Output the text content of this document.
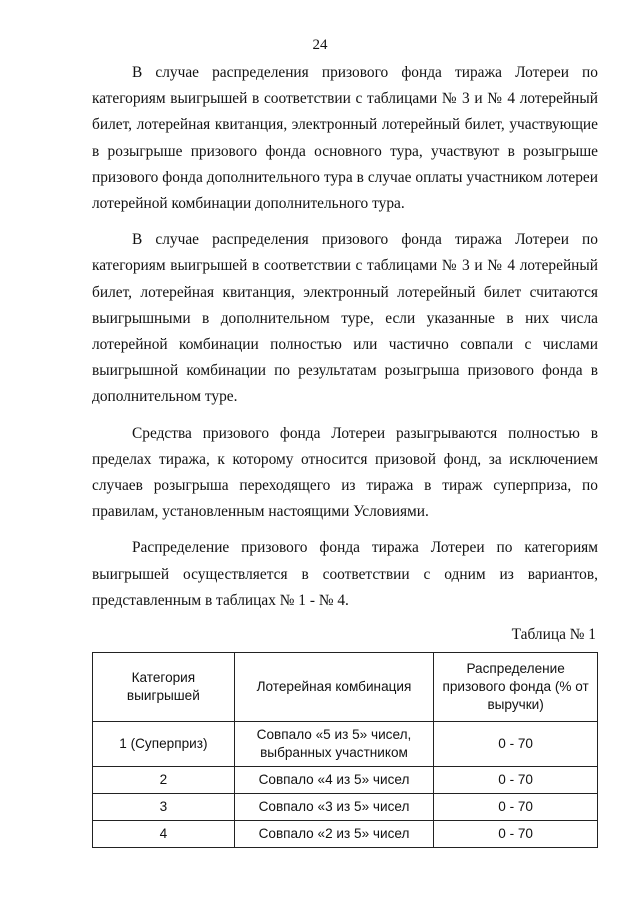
24

В случае распределения призового фонда тиража Лотереи по категориям выигрышей в соответствии с таблицами № 3 и № 4 лотерейный билет, лотерейная квитанция, электронный лотерейный билет, участвующие в розыгрыше призового фонда основного тура, участвуют в розыгрыше призового фонда дополнительного тура в случае оплаты участником лотереи лотерейной комбинации дополнительного тура.

В случае распределения призового фонда тиража Лотереи по категориям выигрышей в соответствии с таблицами № 3 и № 4 лотерейный билет, лотерейная квитанция, электронный лотерейный билет считаются выигрышными в дополнительном туре, если указанные в них числа лотерейной комбинации полностью или частично совпали с числами выигрышной комбинации по результатам розыгрыша призового фонда в дополнительном туре.

Средства призового фонда Лотереи разыгрываются полностью в пределах тиража, к которому относится призовой фонд, за исключением случаев розыгрыша переходящего из тиража в тираж суперприза, по правилам, установленным настоящими Условиями.

Распределение призового фонда тиража Лотереи по категориям выигрышей осуществляется в соответствии с одним из вариантов, представленным в таблицах № 1 - № 4.

Таблица № 1
Категория выигрышей	Лотерейная комбинация	Распределение призового фонда (% от выручки)
1 (Суперприз)	Совпало «5 из 5» чисел, выбранных участником	0 - 70
2	Совпало «4 из 5» чисел	0 - 70
3	Совпало «3 из 5» чисел	0 - 70
4	Совпало «2 из 5» чисел	0 - 70
